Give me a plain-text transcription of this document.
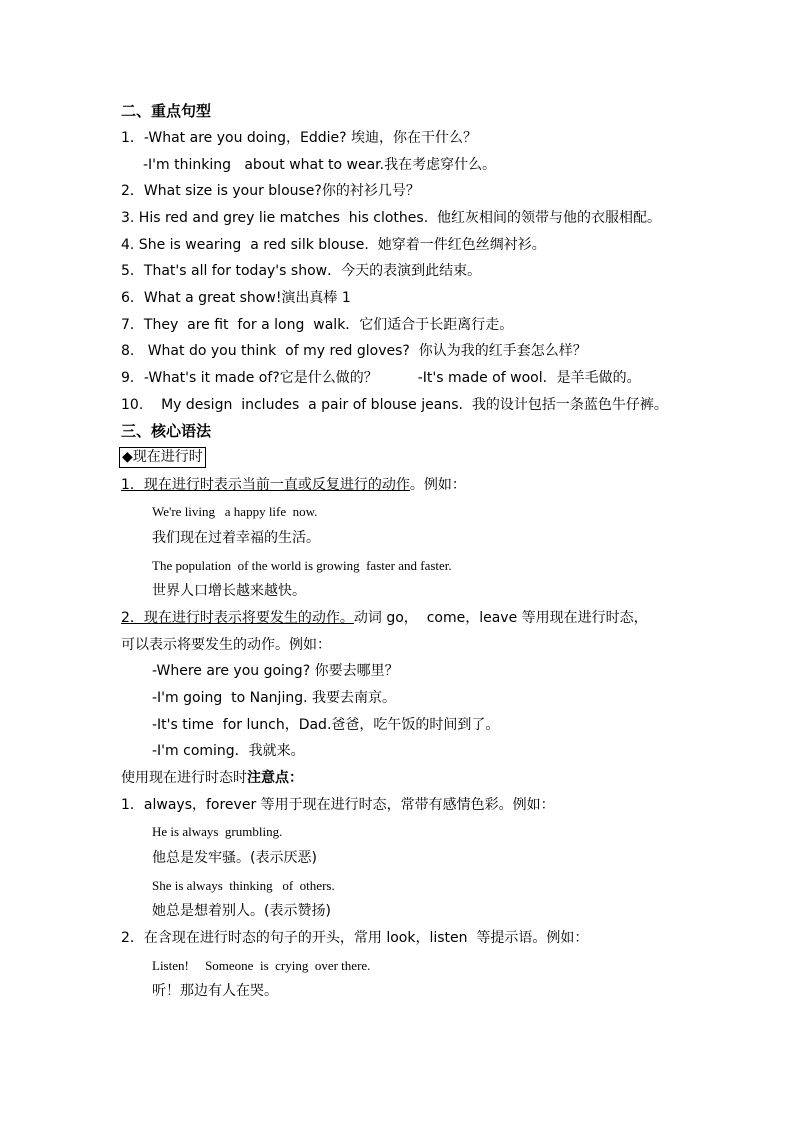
二、重点句型
1．-What are you doing，Eddie? 埃迪，你在干什么？
-I'm thinking   about what to wear.我在考虑穿什么。
2．What size is your blouse?你的衬衫几号？
3. His red and grey lie matches  his clothes.  他红灰相间的领带与他的衣服相配。
4. She is wearing  a red silk blouse.  她穿着一件红色丝绸衬衫。
5．That's all for today's show．今天的表演到此结束。
6．What a great show!演出真棒 1
7．They  are fit  for a long  walk．它们适合于长距离行走。
8.   What do you think  of my red gloves?  你认为我的红手套怎么样？
9．-What's it made of?它是什么做的？         -It's made of wool．是羊毛做的。
10.    My design  includes  a pair of blouse jeans.  我的设计包括一条蓝色牛仔裤。
三、核心语法
◆现在进行时
1．现在进行时表示当前一直或反复进行的动作。例如：
We're living   a happy life  now.
我们现在过着幸福的生活。
The population  of the world is growing  faster and faster.
世界人口增长越来越快。
2．现在进行时表示将要发生的动作。动词 go，  come，leave 等用现在进行时态，
可以表示将要发生的动作。例如：
-Where are you going? 你要去哪里？
-I'm going  to Nanjing. 我要去南京。
-It's time  for lunch，Dad.爸爸，吃午饭的时间到了。
-I'm coming．我就来。
使用现在进行时态时注意点：
1．always，forever 等用于现在进行时态，常带有感情色彩。例如：
He is always  grumbling.
他总是发牢骚。(表示厌恶)
She is always  thinking   of  others.
她总是想着别人。(表示赞扬)
2．在含现在进行时态的句子的开头，常用 look，listen  等提示语。例如：
Listen!     Someone  is  crying  over there.
听！那边有人在哭。
